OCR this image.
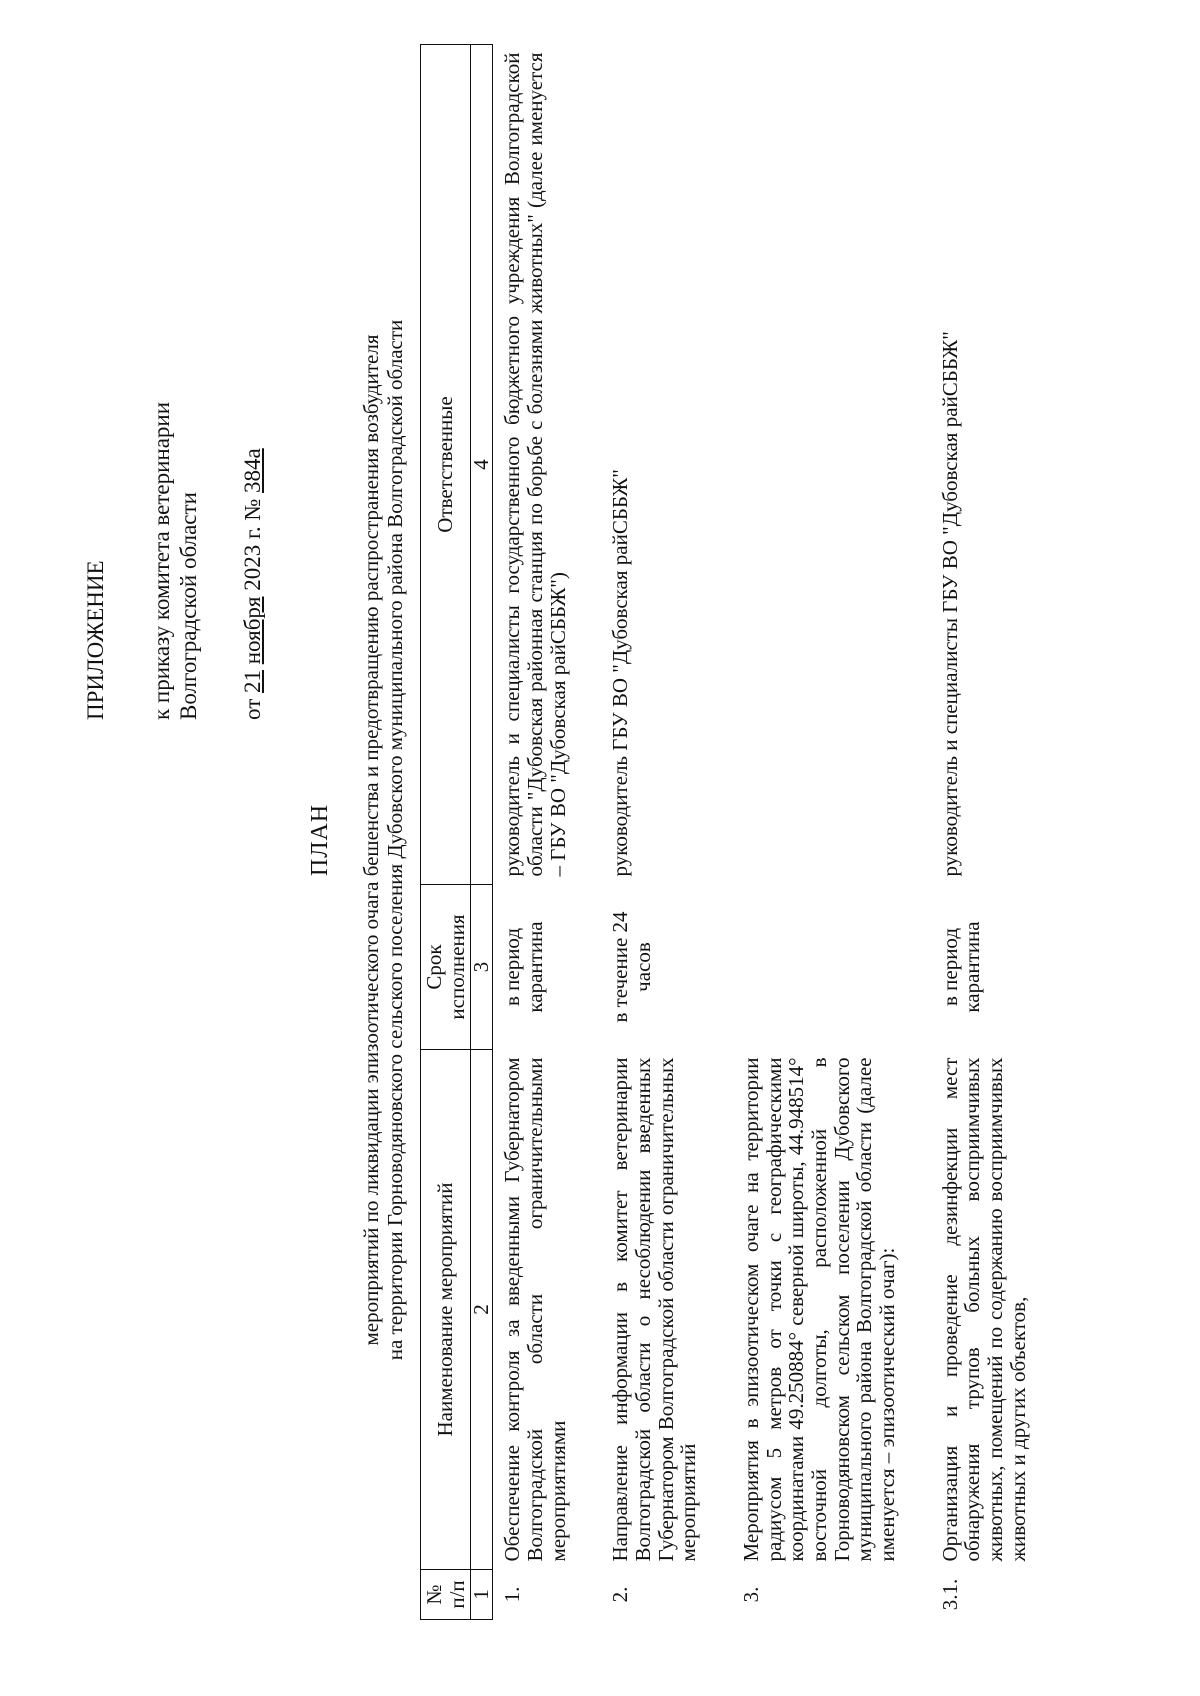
ПРИЛОЖЕНИЕ к приказу комитета ветеринарии Волгоградской области от 21 ноября 2023 г. № 384а
ПЛАН мероприятий по ликвидации эпизоотического очага бешенства и предотвращению распространения возбудителя на территории Горноводяновского сельского поселения Дубовского муниципального района Волгоградской области
№ п/п	Наименование мероприятий	Срок исполнения	Ответственные
1	2	3	4
1.	Обеспечение контроля за введенными Губернатором Волгоградской области ограничительными мероприятиями	в период карантина	руководитель и специалисты государственного бюджетного учреждения Волгоградской области "Дубовская районная станция по борьбе с болезнями животных" (далее именуется – ГБУ ВО "Дубовская райСББЖ")
2.	Направление информации в комитет ветеринарии Волгоградской области о несоблюдении введенных Губернатором Волгоградской области ограничительных мероприятий	в течение 24 часов	руководитель ГБУ ВО "Дубовская райСББЖ"
3.	Мероприятия в эпизоотическом очаге на территории радиусом 5 метров от точки с географическими координатами 49.250884° северной широты, 44.948514° восточной долготы, расположенной в Горноводяновском сельском поселении Дубовского муниципального района Волгоградской области (далее именуется – эпизоотический очаг):		
3.1.	Организация и проведение дезинфекции мест обнаружения трупов больных восприимчивых животных, помещений по содержанию восприимчивых животных и других объектов,	в период карантина	руководитель и специалисты ГБУ ВО "Дубовская райСББЖ"
